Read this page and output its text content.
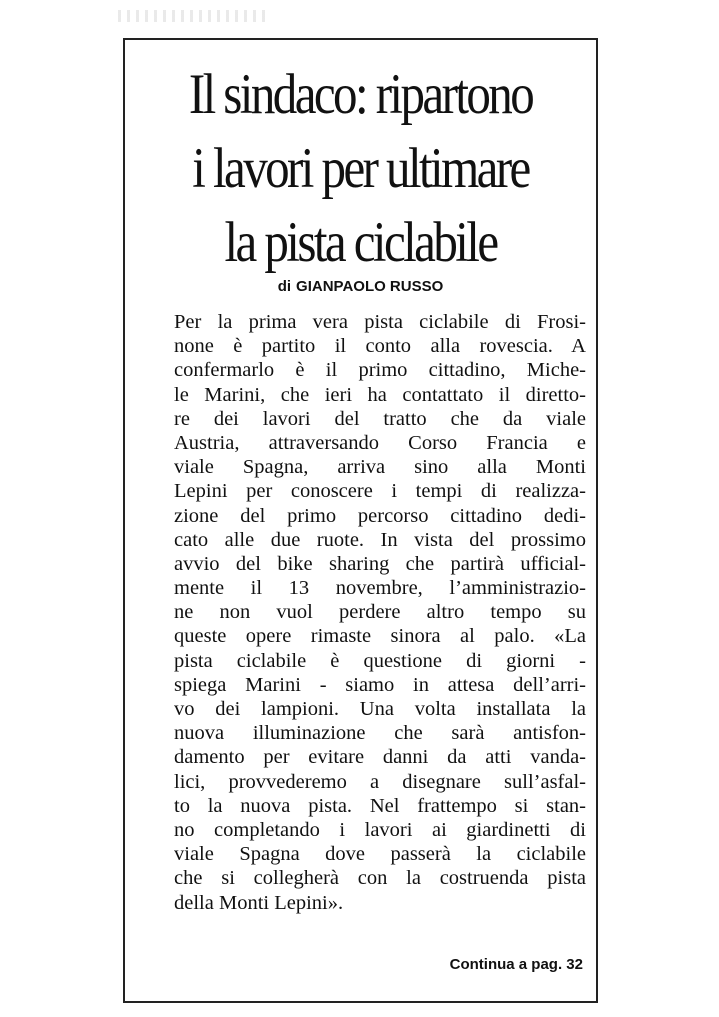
Il sindaco: ripartono
i lavori per ultimare
la pista ciclabile
di GIANPAOLO RUSSO
Per la prima vera pista ciclabile di Frosi-
none è partito il conto alla rovescia. A
confermarlo è il primo cittadino, Miche-
le Marini, che ieri ha contattato il diretto-
re dei lavori del tratto che da viale
Austria, attraversando Corso Francia e
viale Spagna, arriva sino alla Monti
Lepini per conoscere i tempi di realizza-
zione del primo percorso cittadino dedi-
cato alle due ruote. In vista del prossimo
avvio del bike sharing che partirà ufficial-
mente il 13 novembre, l’amministrazio-
ne non vuol perdere altro tempo su
queste opere rimaste sinora al palo. «La
pista ciclabile è questione di giorni -
spiega Marini - siamo in attesa dell’arri-
vo dei lampioni. Una volta installata la
nuova illuminazione che sarà antisfon-
damento per evitare danni da atti vanda-
lici, provvederemo a disegnare sull’asfal-
to la nuova pista. Nel frattempo si stan-
no completando i lavori ai giardinetti di
viale Spagna dove passerà la ciclabile
che si collegherà con la costruenda pista
della Monti Lepini».
Continua a pag. 32
